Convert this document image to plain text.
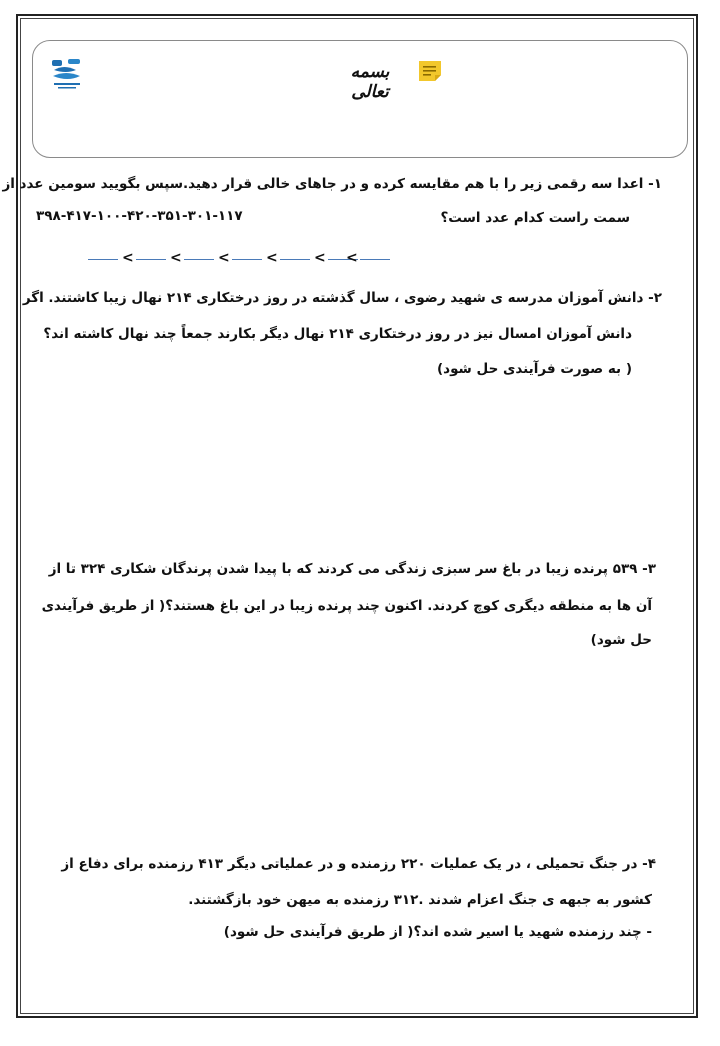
بسمه تعالی
۱- اعدا سه رقمی زیر را با هم مقایسه کرده و در جاهای خالی قرار دهید.سپس بگویید سومین عدد از
سمت راست کدام عدد است؟
۳۹۸-۴۱۷-۱۰۰-۴۲۰-۳۵۱-۳۰۱-۱۱۷
<	<	<	<	< <
۲- دانش آموزان مدرسه ی شهید رضوی ، سال گذشته در روز درختکاری ۲۱۴ نهال زیبا کاشتند. اگر
دانش آموزان امسال نیز در روز درختکاری ۲۱۴ نهال دیگر بکارند جمعاً چند نهال کاشته اند؟
( به صورت فرآیندی حل شود)
۳- ۵۳۹ پرنده زیبا در باغ سر سبزی زندگی می کردند که با پیدا شدن پرندگان شکاری ۳۲۴ تا از
آن ها به منطقه دیگری کوچ کردند. اکنون چند پرنده زیبا در این باغ هستند؟( از طریق فرآیندی
حل شود)
۴- در جنگ تحمیلی ، در یک عملیات ۲۲۰ رزمنده و در عملیاتی دیگر ۴۱۳ رزمنده برای دفاع از
کشور به جبهه ی جنگ اعزام شدند .۳۱۲ رزمنده به میهن خود بازگشتند.
- چند رزمنده شهید یا اسیر شده اند؟( از طریق فرآیندی حل شود)
